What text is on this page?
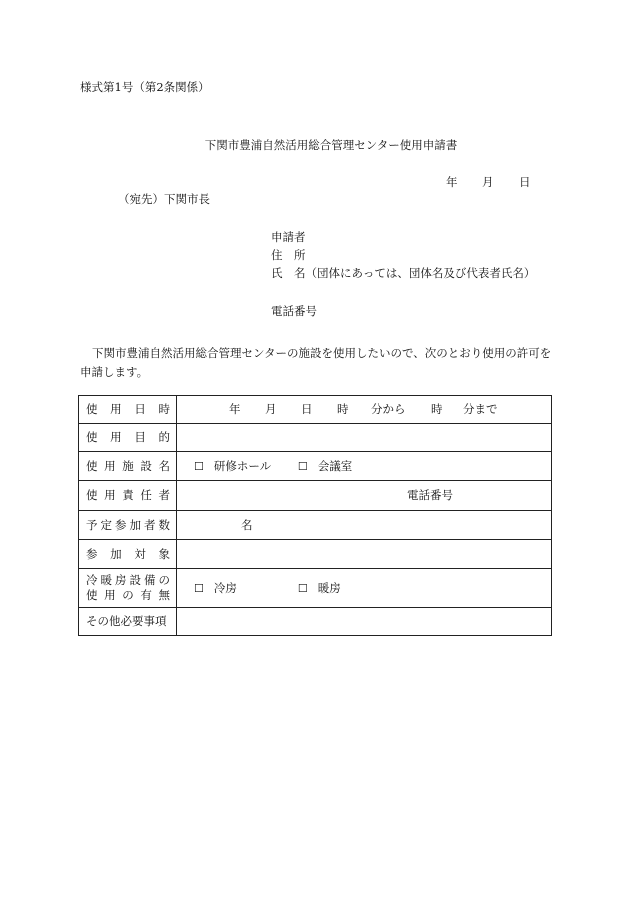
様式第1号（第2条関係）
下関市豊浦自然活用総合管理センター使用申請書
年 月 日
（宛先）下関市長
申請者
住　所
氏　名（団体にあっては、団体名及び代表者氏名）
電話番号
下関市豊浦自然活用総合管理センターの施設を使用したいので、次のとおり使用の許可を申請します。
使 用 日 時	年 月 日 時 分から 時 分まで
使 用 目 的	
使用施設名	☐ 研修ホール ☐ 会議室
使用責任者	電話番号
予定参加者数	名
参 加 対 象	

冷暖房設備の
使 用 の 有 無	☐ 冷房 ☐ 暖房
その他必要事項	
